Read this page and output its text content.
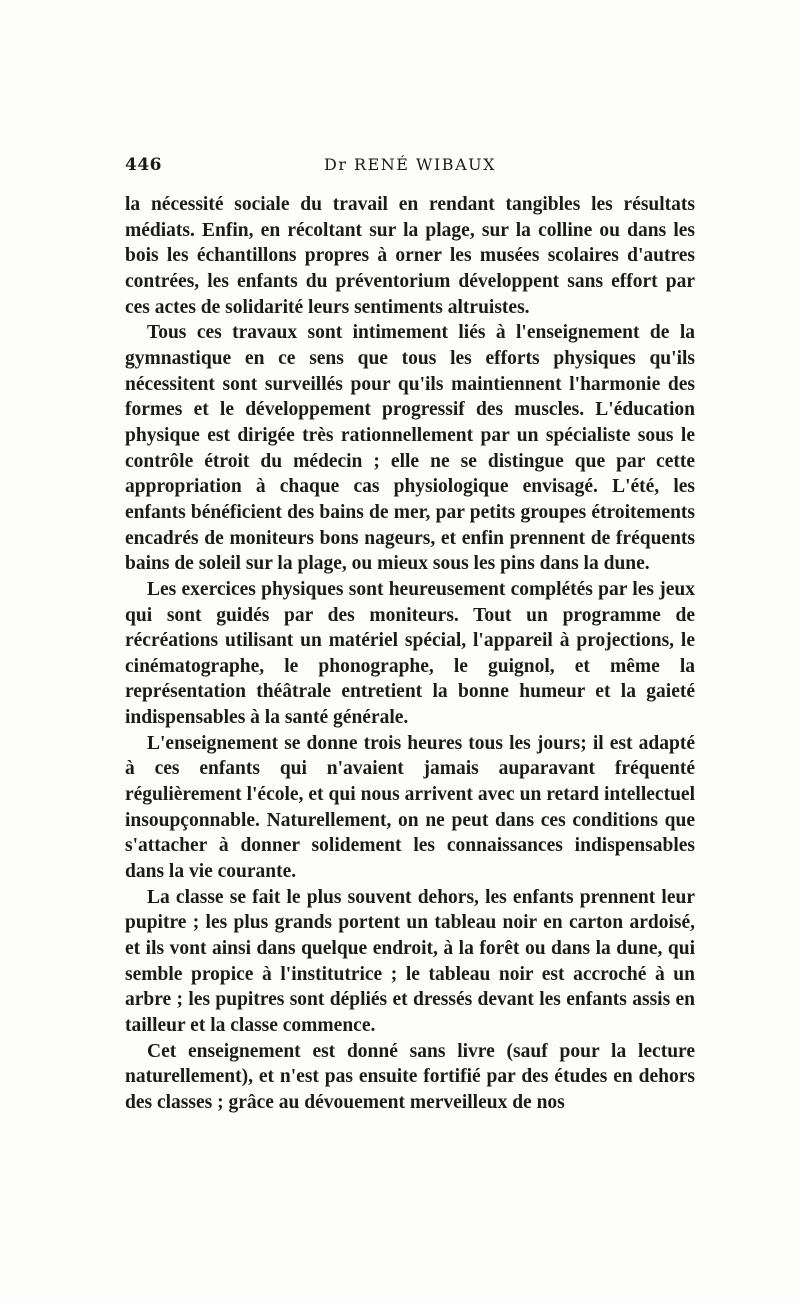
446	Dr RENÉ WIBAUX

la nécessité sociale du travail en rendant tangibles les résultats médiats. Enfin, en récoltant sur la plage, sur la colline ou dans les bois les échantillons propres à orner les musées scolaires d'autres contrées, les enfants du préventorium développent sans effort par ces actes de solidarité leurs sentiments altruistes.

Tous ces travaux sont intimement liés à l'enseignement de la gymnastique en ce sens que tous les efforts physiques qu'ils nécessitent sont surveillés pour qu'ils maintiennent l'harmonie des formes et le développement progressif des muscles. L'éducation physique est dirigée très rationnellement par un spécialiste sous le contrôle étroit du médecin ; elle ne se distingue que par cette appropriation à chaque cas physiologique envisagé. L'été, les enfants bénéficient des bains de mer, par petits groupes étroitements encadrés de moniteurs bons nageurs, et enfin prennent de fréquents bains de soleil sur la plage, ou mieux sous les pins dans la dune.

Les exercices physiques sont heureusement complétés par les jeux qui sont guidés par des moniteurs. Tout un programme de récréations utilisant un matériel spécial, l'appareil à projections, le cinématographe, le phonographe, le guignol, et même la représentation théâtrale entretient la bonne humeur et la gaieté indispensables à la santé générale.

L'enseignement se donne trois heures tous les jours; il est adapté à ces enfants qui n'avaient jamais auparavant fréquenté régulièrement l'école, et qui nous arrivent avec un retard intellectuel insoupçonnable. Naturellement, on ne peut dans ces conditions que s'attacher à donner solidement les connaissances indispensables dans la vie courante.

La classe se fait le plus souvent dehors, les enfants prennent leur pupitre ; les plus grands portent un tableau noir en carton ardoisé, et ils vont ainsi dans quelque endroit, à la forêt ou dans la dune, qui semble propice à l'institutrice ; le tableau noir est accroché à un arbre ; les pupitres sont dépliés et dressés devant les enfants assis en tailleur et la classe commence.

Cet enseignement est donné sans livre (sauf pour la lecture naturellement), et n'est pas ensuite fortifié par des études en dehors des classes ; grâce au dévouement merveilleux de nos
